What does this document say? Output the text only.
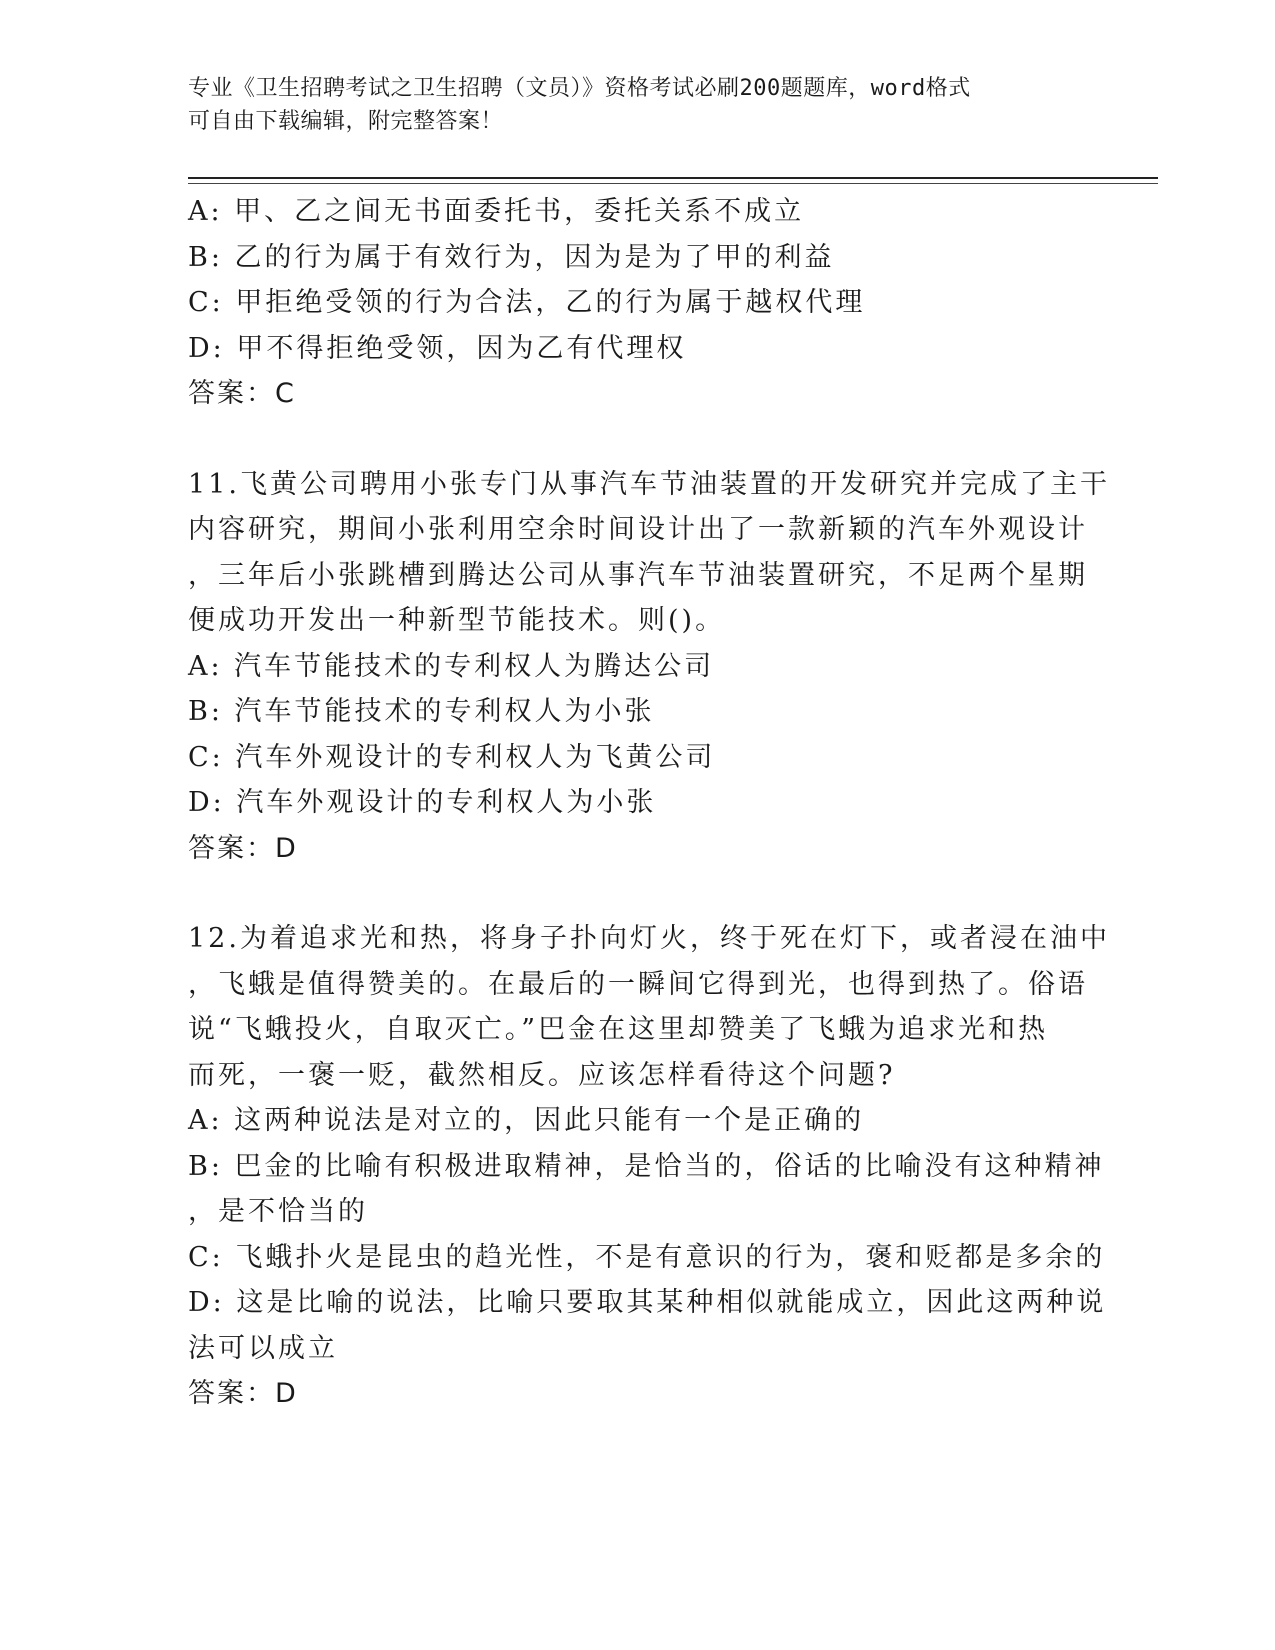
专业《卫生招聘考试之卫生招聘（文员）》资格考试必刷200题题库，word格式
可自由下载编辑，附完整答案！
A: 甲、乙之间无书面委托书，委托关系不成立
B: 乙的行为属于有效行为，因为是为了甲的利益
C: 甲拒绝受领的行为合法，乙的行为属于越权代理
D: 甲不得拒绝受领，因为乙有代理权
答案：C
11.飞黄公司聘用小张专门从事汽车节油装置的开发研究并完成了主干
内容研究，期间小张利用空余时间设计出了一款新颖的汽车外观设计
，三年后小张跳槽到腾达公司从事汽车节油装置研究，不足两个星期
便成功开发出一种新型节能技术。则()。
A: 汽车节能技术的专利权人为腾达公司
B: 汽车节能技术的专利权人为小张
C: 汽车外观设计的专利权人为飞黄公司
D: 汽车外观设计的专利权人为小张
答案：D
12.为着追求光和热，将身子扑向灯火，终于死在灯下，或者浸在油中
，飞蛾是值得赞美的。在最后的一瞬间它得到光，也得到热了。俗语
说“飞蛾投火，自取灭亡。”巴金在这里却赞美了飞蛾为追求光和热
而死，一褒一贬，截然相反。应该怎样看待这个问题?
A: 这两种说法是对立的，因此只能有一个是正确的
B: 巴金的比喻有积极进取精神，是恰当的，俗话的比喻没有这种精神
，是不恰当的
C: 飞蛾扑火是昆虫的趋光性，不是有意识的行为，褒和贬都是多余的
D: 这是比喻的说法，比喻只要取其某种相似就能成立，因此这两种说
法可以成立
答案：D
